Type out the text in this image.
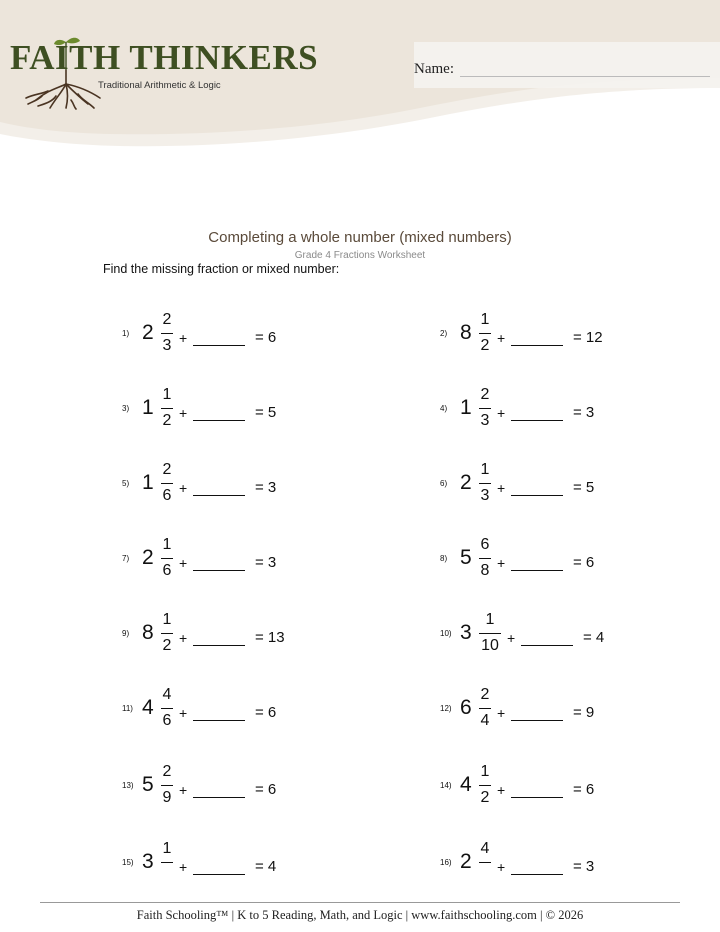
FAITH THINKERS
Traditional Arithmetic & Logic
Name:
Completing a whole number (mixed numbers)
Grade 4 Fractions Worksheet
Find the missing fraction or mixed number:
1) 2
2
3 +	= 6	2) 8
1
2 +	= 12
3) 1
1
2 +	= 5	4) 1
2
3 +	= 3
5) 1
2
6 +	= 3	6) 2
1
3 +	= 5
7) 2
1
6 +	= 3	8) 5
6
8 +	= 6
9) 8
1
2 +	= 13	10) 3
1
10 +	= 4
11) 4
4
6 +	= 6	12) 6
2
4 +	= 9
13) 5
2
9 +	= 6	14) 4
1
2 +	= 6
15) 3
1
+	= 4	16) 2
4
+	= 3
Faith Schooling™ | K to 5 Reading, Math, and Logic | www.faithschooling.com | © 2026
